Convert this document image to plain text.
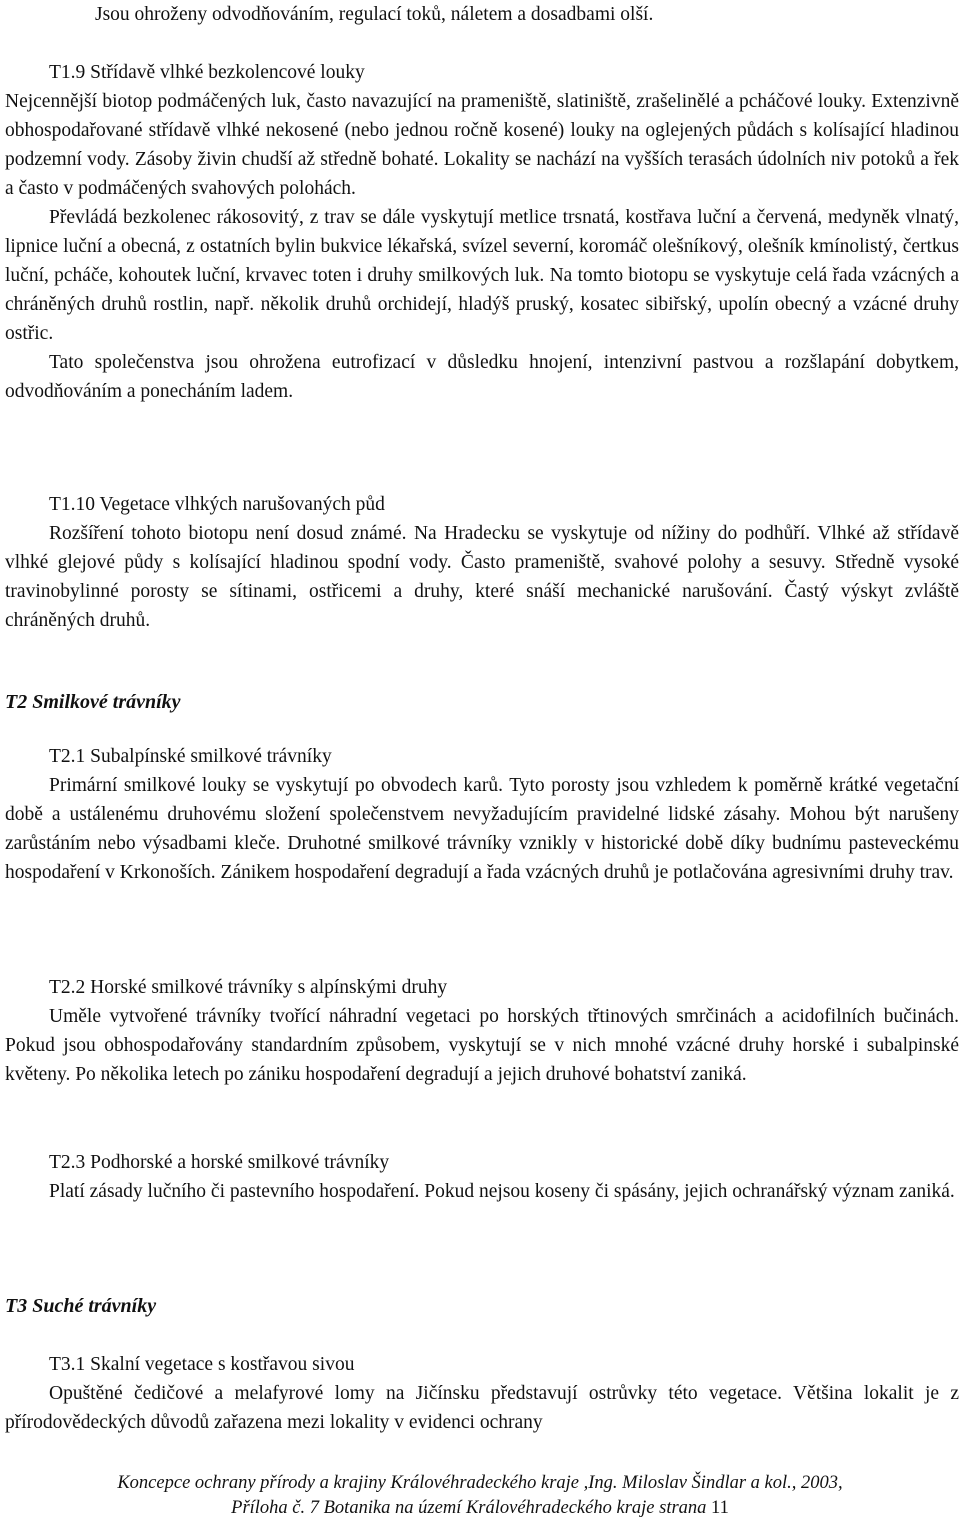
Jsou ohroženy odvodňováním, regulací toků, náletem a dosadbami olší.

T1.9 Střídavě vlhké bezkolencové louky

Nejcennější biotop podmáčených luk, často navazující na prameniště, slatiniště, zrašelinělé a pcháčové louky. Extenzivně obhospodařované střídavě vlhké nekosené (nebo jednou ročně kosené) louky na oglejených půdách s kolísající hladinou podzemní vody. Zásoby živin chudší až středně bohaté. Lokality se nachází na vyšších terasách údolních niv potoků a řek a často v podmáčených svahových polohách.

Převládá bezkolenec rákosovitý, z trav se dále vyskytují metlice trsnatá, kostřava luční a červená, medyněk vlnatý, lipnice luční a obecná, z ostatních bylin bukvice lékařská, svízel severní, koromáč olešníkový, olešník kmínolistý, čertkus luční, pcháče, kohoutek luční, krvavec toten i druhy smilkových luk. Na tomto biotopu se vyskytuje celá řada vzácných a chráněných druhů rostlin, např. několik druhů orchidejí, hladýš pruský, kosatec sibiřský, upolín obecný a vzácné druhy ostřic.

Tato společenstva jsou ohrožena eutrofizací v důsledku hnojení, intenzivní pastvou a rozšlapání dobytkem, odvodňováním a ponecháním ladem.

T1.10 Vegetace vlhkých narušovaných půd

Rozšíření tohoto biotopu není dosud známé. Na Hradecku se vyskytuje od nížiny do podhůří. Vlhké až střídavě vlhké glejové půdy s kolísající hladinou spodní vody. Často prameniště, svahové polohy a sesuvy. Středně vysoké travinobylinné porosty se sítinami, ostřicemi a druhy, které snáší mechanické narušování. Častý výskyt zvláště chráněných druhů.

T2 Smilkové trávníky

T2.1 Subalpínské smilkové trávníky

Primární smilkové louky se vyskytují po obvodech karů. Tyto porosty jsou vzhledem k poměrně krátké vegetační době a ustálenému druhovému složení společenstvem nevyžadujícím pravidelné lidské zásahy. Mohou být narušeny zarůstáním nebo výsadbami kleče. Druhotné smilkové trávníky vznikly v historické době díky budnímu pasteveckému hospodaření v Krkonoších. Zánikem hospodaření degradují a řada vzácných druhů je potlačována agresivními druhy trav.

T2.2 Horské smilkové trávníky s alpínskými druhy

Uměle vytvořené trávníky tvořící náhradní vegetaci po horských třtinových smrčinách a acidofilních bučinách. Pokud jsou obhospodařovány standardním způsobem, vyskytují se v nich mnohé vzácné druhy horské i subalpinské květeny. Po několika letech po zániku hospodaření degradují a jejich druhové bohatství zaniká.

T2.3 Podhorské a horské smilkové trávníky

Platí zásady lučního či pastevního hospodaření. Pokud nejsou koseny či spásány, jejich ochranářský význam zaniká.

T3 Suché trávníky

T3.1 Skalní vegetace s kostřavou sivou

Opuštěné čedičové a melafyrové lomy na Jičínsku představují ostrůvky této vegetace. Většina lokalit je z přírodovědeckých důvodů zařazena mezi lokality v evidenci ochrany

Koncepce ochrany přírody a krajiny Královéhradeckého kraje ,Ing. Miloslav Šindlar a kol., 2003,
Příloha č. 7 Botanika na území Královéhradeckého kraje strana 11
